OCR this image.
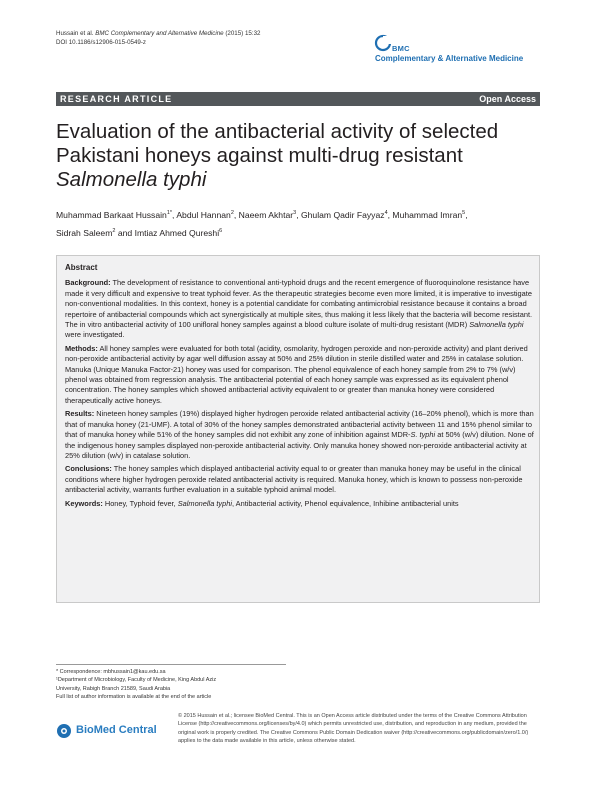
Hussain et al. BMC Complementary and Alternative Medicine (2015) 15:32
DOI 10.1186/s12906-015-0549-z
BMC
Complementary & Alternative Medicine
RESEARCH ARTICLE	Open Access
Evaluation of the antibacterial activity of selected
Pakistani honeys against multi-drug resistant
Salmonella typhi
Muhammad Barkaat Hussain$^{1*}$, Abdul Hannan$^2$, Naeem Akhtar$^3$, Ghulam Qadir Fayyaz$^4$, Muhammad Imran$^5$,
Sidrah Saleem$^2$ and Imtiaz Ahmed Qureshi$^6$
Abstract
Background: The development of resistance to conventional anti-typhoid drugs and the recent emergence of fluoroquinolone resistance have made it very difficult and expensive to treat typhoid fever. As the therapeutic strategies become even more limited, it is imperative to investigate non-conventional modalities. In this context, honey is a potential candidate for combating antimicrobial resistance because it contains a broad repertoire of antibacterial compounds which act synergistically at multiple sites, thus making it less likely that the bacteria will become resistant. The in vitro antibacterial activity of 100 unifloral honey samples against a blood culture isolate of multi-drug resistant (MDR) Salmonella typhi were investigated.
Methods: All honey samples were evaluated for both total (acidity, osmolarity, hydrogen peroxide and non-peroxide activity) and plant derived non-peroxide antibacterial activity by agar well diffusion assay at 50% and 25% dilution in sterile distilled water and 25% in catalase solution. Manuka (Unique Manuka Factor-21) honey was used for comparison. The phenol equivalence of each honey sample from 2% to 7% (w/v) phenol was obtained from regression analysis. The antibacterial potential of each honey sample was expressed as its equivalent phenol concentration. The honey samples which showed antibacterial activity equivalent to or greater than manuka honey were considered therapeutically active honeys.
Results: Nineteen honey samples (19%) displayed higher hydrogen peroxide related antibacterial activity (16–20% phenol), which is more than that of manuka honey (21-UMF). A total of 30% of the honey samples demonstrated antibacterial activity between 11 and 15% phenol similar to that of manuka honey while 51% of the honey samples did not exhibit any zone of inhibition against MDR-S. typhi at 50% (w/v) dilution. None of the indigenous honey samples displayed non-peroxide antibacterial activity. Only manuka honey showed non-peroxide antibacterial activity at 25% dilution (w/v) in catalase solution.
Conclusions: The honey samples which displayed antibacterial activity equal to or greater than manuka honey may be useful in the clinical conditions where higher hydrogen peroxide related antibacterial activity is required. Manuka honey, which is known to possess non-peroxide antibacterial activity, warrants further evaluation in a suitable typhoid animal model.
Keywords: Honey, Typhoid fever, Salmonella typhi, Antibacterial activity, Phenol equivalence, Inhibine antibacterial units

* Correspondence: mbhussain1@kau.edu.sa

¹Department of Microbiology, Faculty of Medicine, King Abdul Aziz

University, Rabigh Branch 21589, Saudi Arabia

Full list of author information is available at the end of the article

BioMed Central
© 2015 Hussain et al.; licensee BioMed Central. This is an Open Access article distributed under the terms of the Creative Commons Attribution License (http://creativecommons.org/licenses/by/4.0) which permits unrestricted use, distribution, and reproduction in any medium, provided the original work is properly credited. The Creative Commons Public Domain Dedication waiver (http://creativecommons.org/publicdomain/zero/1.0/) applies to the data made available in this article, unless otherwise stated.
